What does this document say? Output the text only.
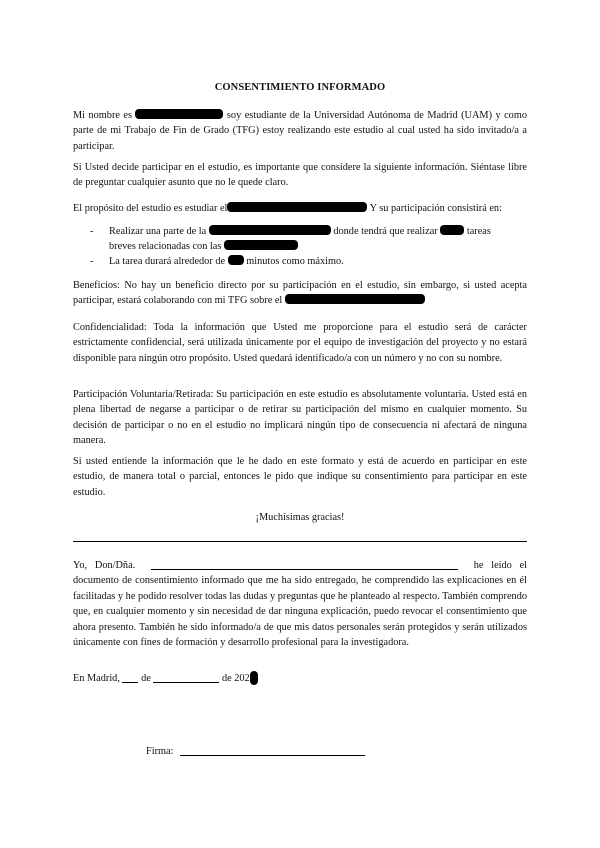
CONSENTIMIENTO INFORMADO

Mi nombre es	soy estudiante de la Universidad Autónoma de Madrid (UAM) y como parte de mi Trabajo de Fin de Grado (TFG) estoy realizando este estudio al cual usted ha sido invitado/a a participar.

Si Usted decide participar en el estudio, es importante que considere la siguiente información. Siéntase libre de preguntar cualquier asunto que no le quede claro.

El propósito del estudio es estudiar el	Y su participación consistirá en:

- Realizar una parte de la	donde tendrá que realizar	tareas
breves relacionadas con las
- La tarea durará alrededor de minutos como máximo.

Beneficios: No hay un beneficio directo por su participación en el estudio, sin embargo, si usted acepta participar, estará colaborando con mi TFG sobre el

Confidencialidad: Toda la información que Usted me proporcione para el estudio será de carácter estrictamente confidencial, será utilizada únicamente por el equipo de investigación del proyecto y no estará disponible para ningún otro propósito. Usted quedará identificado/a con un número y no con su nombre.

Participación Voluntaria/Retirada: Su participación en este estudio es absolutamente voluntaria. Usted está en plena libertad de negarse a participar o de retirar su participación del mismo en cualquier momento. Su decisión de participar o no en el estudio no implicará ningún tipo de consecuencia ni afectará de ninguna manera.

Si usted entiende la información que le he dado en este formato y está de acuerdo en participar en este estudio, de manera total o parcial, entonces le pido que indique su consentimiento para participar en este estudio.

¡Muchísimas gracias!

Yo, Don/Dña.	he leído el documento de consentimiento informado que me ha sido entregado, he comprendido las explicaciones en él facilitadas y he podido resolver todas las dudas y preguntas que he planteado al respecto. También comprendo que, en cualquier momento y sin necesidad de dar ninguna explicación, puedo revocar el consentimiento que ahora presento. También he sido informado/a de que mis datos personales serán protegidos y serán utilizados únicamente con fines de formación y desarrollo profesional para la investigadora.

En Madrid, de	de 202

Firma:
